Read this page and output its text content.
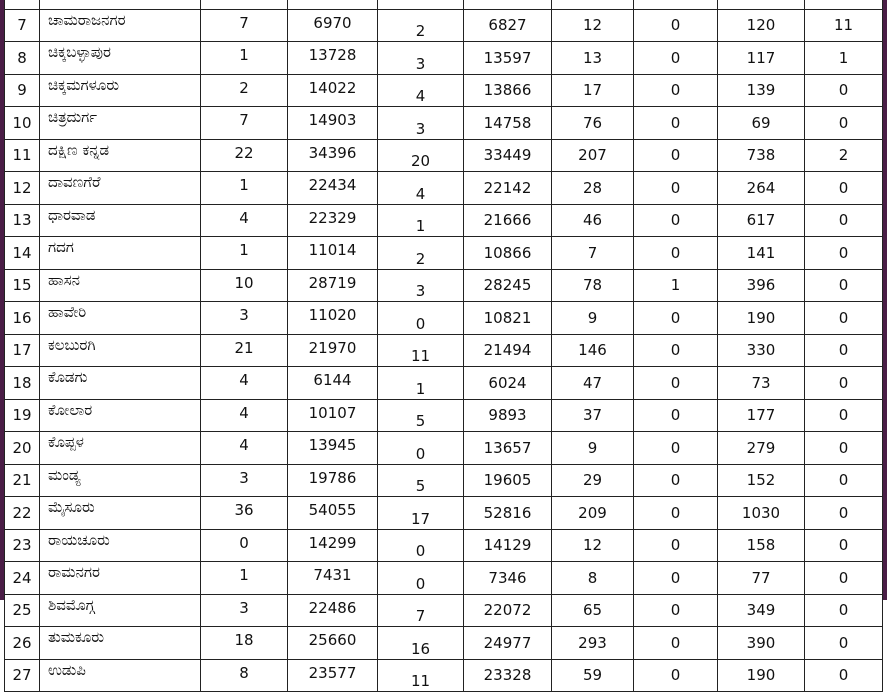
7	ಚಾಮರಾಜನಗರ	7	6970	2	6827	12	0	120	11
8	ಚಿಕ್ಕಬಳ್ಳಾಪುರ	1	13728	3	13597	13	0	117	1
9	ಚಿಕ್ಕಮಗಳೂರು	2	14022	4	13866	17	0	139	0
10	ಚಿತ್ರದುರ್ಗ	7	14903	3	14758	76	0	69	0
11	ದಕ್ಷಿಣ ಕನ್ನಡ	22	34396	20	33449	207	0	738	2
12	ದಾವಣಗೆರೆ	1	22434	4	22142	28	0	264	0
13	ಧಾರವಾಡ	4	22329	1	21666	46	0	617	0
14	ಗದಗ	1	11014	2	10866	7	0	141	0
15	ಹಾಸನ	10	28719	3	28245	78	1	396	0
16	ಹಾವೇರಿ	3	11020	0	10821	9	0	190	0
17	ಕಲಬುರಗಿ	21	21970	11	21494	146	0	330	0
18	ಕೊಡಗು	4	6144	1	6024	47	0	73	0
19	ಕೋಲಾರ	4	10107	5	9893	37	0	177	0
20	ಕೊಪ್ಪಳ	4	13945	0	13657	9	0	279	0
21	ಮಂಡ್ಯ	3	19786	5	19605	29	0	152	0
22	ಮೈಸೂರು	36	54055	17	52816	209	0	1030	0
23	ರಾಯಚೂರು	0	14299	0	14129	12	0	158	0
24	ರಾಮನಗರ	1	7431	0	7346	8	0	77	0
25	ಶಿವಮೊಗ್ಗ	3	22486	7	22072	65	0	349	0
26	ತುಮಕೂರು	18	25660	16	24977	293	0	390	0
27	ಉಡುಪಿ	8	23577	11	23328	59	0	190	0
